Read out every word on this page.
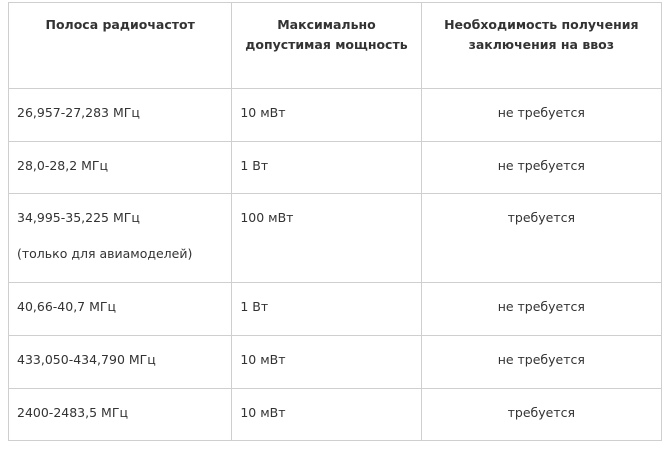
Полоса радиочастот	Максимально допустимая мощность	Необходимость получения заключения на ввоз

26,957-27,283 МГц	10 мВт	не требуется

28,0-28,2 МГц	1 Вт	не требуется

34,995-35,225 МГц
(только для авиамоделей)	100 мВт	требуется

40,66-40,7 МГц	1 Вт	не требуется

433,050-434,790 МГц	10 мВт	не требуется

2400-2483,5 МГц	10 мВт	требуется
